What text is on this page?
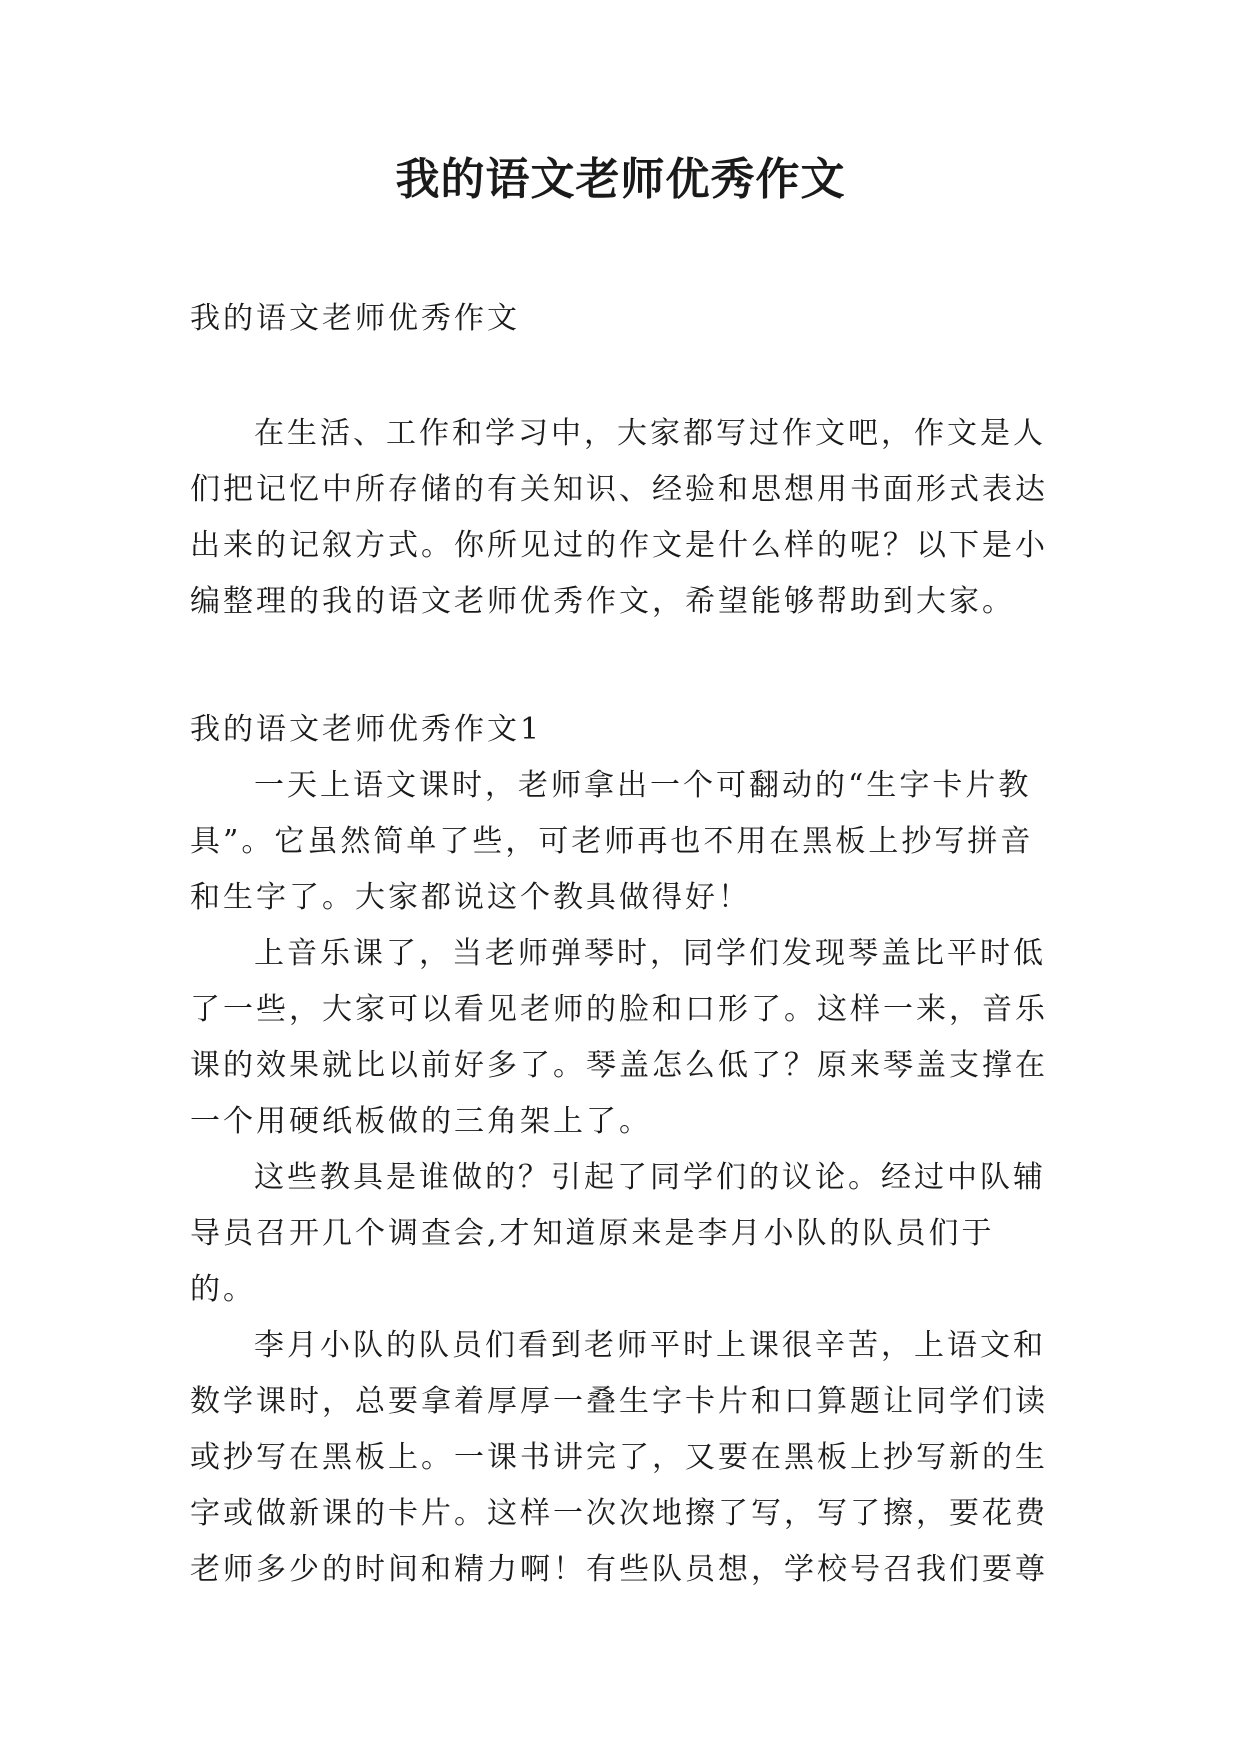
我的语文老师优秀作文

我的语文老师优秀作文

在生活、工作和学习中，大家都写过作文吧，作文是人们把记忆中所存储的有关知识、经验和思想用书面形式表达出来的记叙方式。你所见过的作文是什么样的呢？以下是小编整理的我的语文老师优秀作文，希望能够帮助到大家。

我的语文老师优秀作文1

一天上语文课时，老师拿出一个可翻动的“生字卡片教具”。它虽然简单了些，可老师再也不用在黑板上抄写拼音和生字了。大家都说这个教具做得好！

上音乐课了，当老师弹琴时，同学们发现琴盖比平时低了一些，大家可以看见老师的脸和口形了。这样一来，音乐课的效果就比以前好多了。琴盖怎么低了？原来琴盖支撑在一个用硬纸板做的三角架上了。

这些教具是谁做的？引起了同学们的议论。经过中队辅导员召开几个调查会,才知道原来是李月小队的队员们于的。

李月小队的队员们看到老师平时上课很辛苦，上语文和数学课时，总要拿着厚厚一叠生字卡片和口算题让同学们读或抄写在黑板上。一课书讲完了，又要在黑板上抄写新的生字或做新课的卡片。这样一次次地擦了写，写了擦，要花费老师多少的时间和精力啊！有些队员想，学校号召我们要尊
